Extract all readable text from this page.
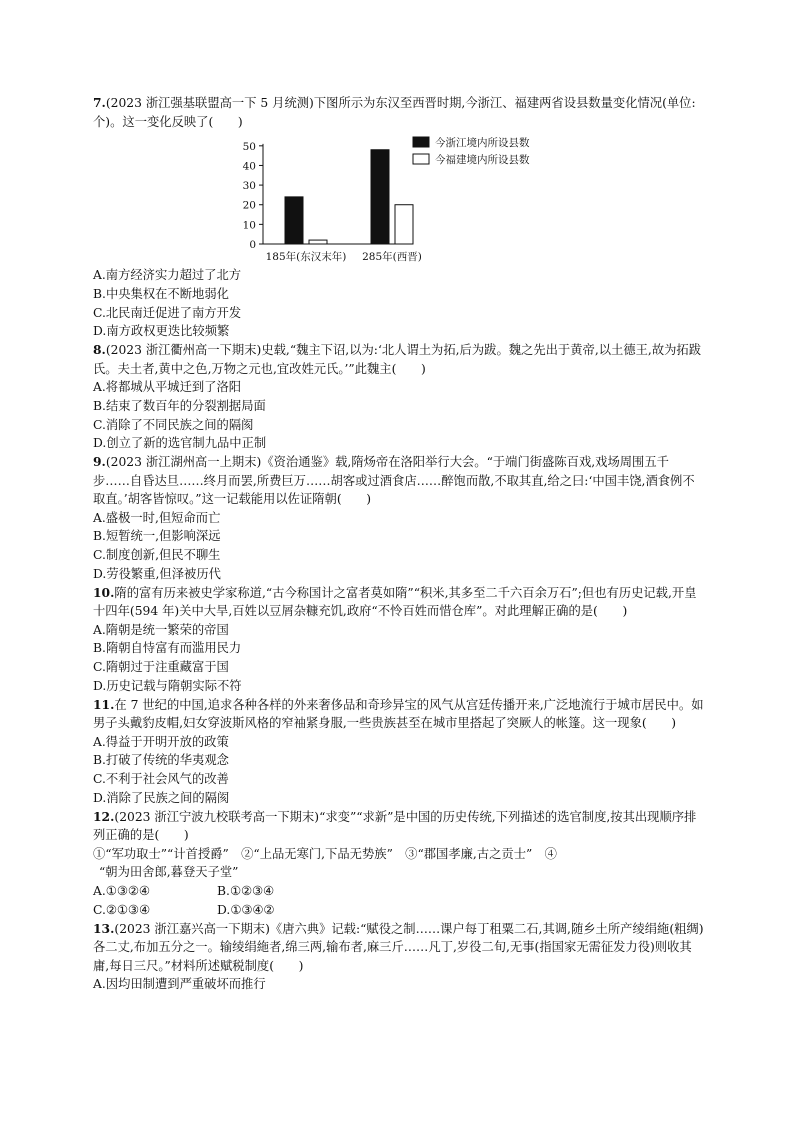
7.(2023 浙江强基联盟高一下 5 月统测)下图所示为东汉至西晋时期,今浙江、福建两省设县数量变化情况(单位:个)。这一变化反映了(　　)
0
10
20
30
40
50
185年(东汉末年) 285年(西晋)
今浙江境内所设县数
今福建境内所设县数
A.南方经济实力超过了北方
B.中央集权在不断地弱化
C.北民南迁促进了南方开发
D.南方政权更迭比较频繁
8.(2023 浙江衢州高一下期末)史载,“魏主下诏,以为:‘北人谓土为拓,后为跋。魏之先出于黄帝,以土德王,故为拓跋氏。夫土者,黄中之色,万物之元也,宜改姓元氏。’”此魏主(　　)
A.将都城从平城迁到了洛阳
B.结束了数百年的分裂割据局面
C.消除了不同民族之间的隔阂
D.创立了新的选官制九品中正制
9.(2023 浙江湖州高一上期末)《资治通鉴》载,隋炀帝在洛阳举行大会。“于端门街盛陈百戏,戏场周围五千步……自昏达旦……终月而罢,所费巨万……胡客或过酒食店……醉饱而散,不取其直,给之曰:‘中国丰饶,酒食例不取直。’胡客皆惊叹。”这一记载能用以佐证隋朝(　　)
A.盛极一时,但短命而亡
B.短暂统一,但影响深远
C.制度创新,但民不聊生
D.劳役繁重,但泽被历代
10.隋的富有历来被史学家称道,“古今称国计之富者莫如隋”“积米,其多至二千六百余万石”;但也有历史记载,开皇十四年(594 年)关中大旱,百姓以豆屑杂糠充饥,政府“不怜百姓而惜仓库”。对此理解正确的是(　　)
A.隋朝是统一繁荣的帝国
B.隋朝自恃富有而滥用民力
C.隋朝过于注重藏富于国
D.历史记载与隋朝实际不符
11.在 7 世纪的中国,追求各种各样的外来奢侈品和奇珍异宝的风气从宫廷传播开来,广泛地流行于城市居民中。如男子头戴豹皮帽,妇女穿波斯风格的窄袖紧身服,一些贵族甚至在城市里搭起了突厥人的帐篷。这一现象(　　)
A.得益于开明开放的政策
B.打破了传统的华夷观念
C.不利于社会风气的改善
D.消除了民族之间的隔阂
12.(2023 浙江宁波九校联考高一下期末)“求变”“求新”是中国的历史传统,下列描述的选官制度,按其出现顺序排列正确的是(　　)
①“军功取士”“计首授爵”　②“上品无寒门,下品无势族”　③“郡国孝廉,古之贡士”　④
“朝为田舍郎,暮登天子堂”
A.①③②④	B.①②③④
C.②①③④	D.①③④②
13.(2023 浙江嘉兴高一下期末)《唐六典》记载:“赋役之制……课户每丁租粟二石,其调,随乡土所产绫绢絁(粗绸)各二丈,布加五分之一。输绫绢絁者,绵三两,输布者,麻三斤……凡丁,岁役二旬,无事(指国家无需征发力役)则收其庸,每日三尺。”材料所述赋税制度(　　)
A.因均田制遭到严重破坏而推行
